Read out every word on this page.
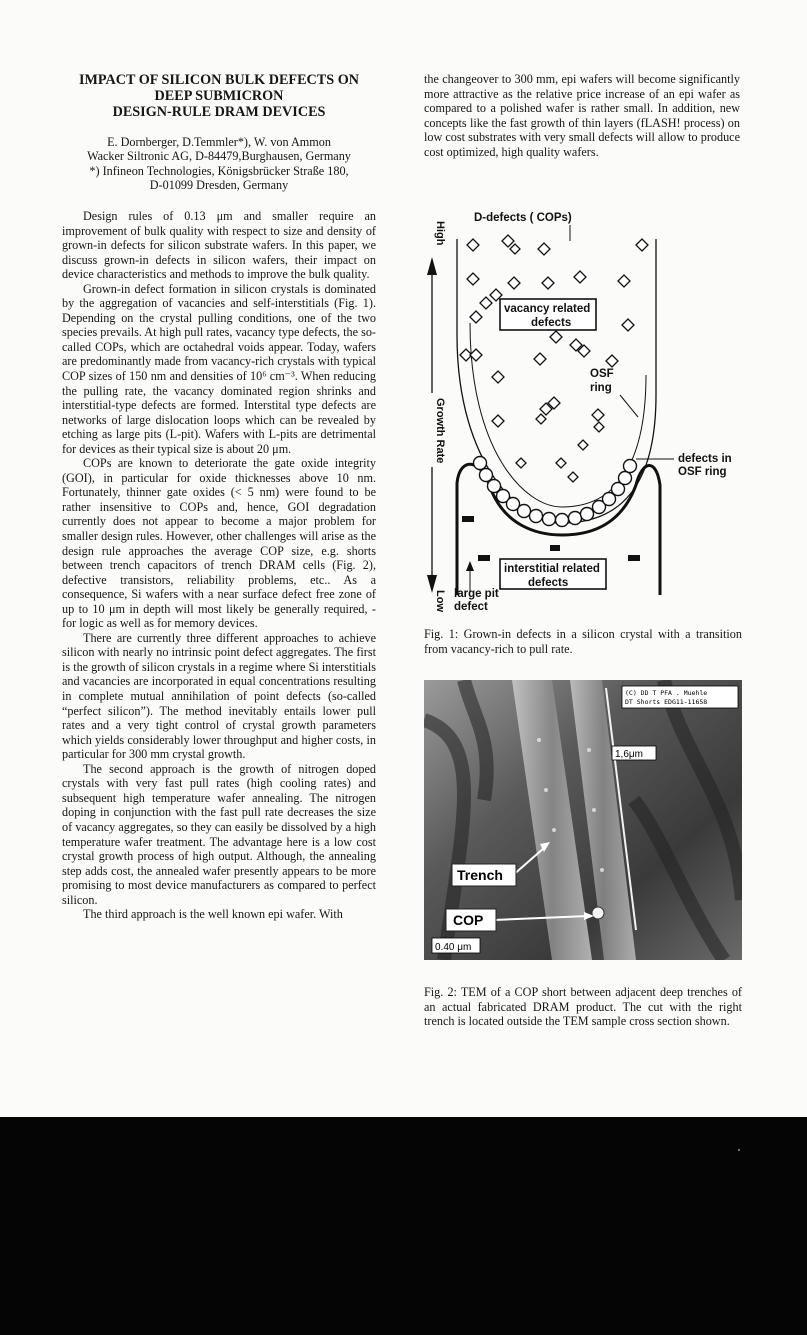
IMPACT OF SILICON BULK DEFECTS ON
DEEP SUBMICRON
DESIGN-RULE DRAM DEVICES
E. Dornberger, D.Temmler*), W. von Ammon
Wacker Siltronic AG, D-84479,Burghausen, Germany
*) Infineon Technologies, Königsbrücker Straße 180,
D-01099 Dresden, Germany

Design rules of 0.13 μm and smaller require an improvement of bulk quality with respect to size and density of grown-in defects for silicon substrate wafers. In this paper, we discuss grown-in defects in silicon wafers, their impact on device characteristics and methods to improve the bulk quality.

Grown-in defect formation in silicon crystals is dominated by the aggregation of vacancies and self-interstitials (Fig. 1). Depending on the crystal pulling conditions, one of the two species prevails. At high pull rates, vacancy type defects, the so-called COPs, which are octahedral voids appear. Today, wafers are predominantly made from vacancy-rich crystals with typical COP sizes of 150 nm and densities of 10⁶ cm⁻³. When reducing the pulling rate, the vacancy dominated region shrinks and interstitial-type defects are formed. Interstital type defects are networks of large dislocation loops which can be revealed by etching as large pits (L-pit). Wafers with L-pits are detrimental for devices as their typical size is about 20 μm.

COPs are known to deteriorate the gate oxide integrity (GOI), in particular for oxide thicknesses above 10 nm. Fortunately, thinner gate oxides (< 5 nm) were found to be rather insensitive to COPs and, hence, GOI degradation currently does not appear to become a major problem for smaller design rules. However, other challenges will arise as the design rule approaches the average COP size, e.g. shorts between trench capacitors of trench DRAM cells (Fig. 2), defective transistors, reliability problems, etc.. As a consequence, Si wafers with a near surface defect free zone of up to 10 μm in depth will most likely be generally required, - for logic as well as for memory devices.

There are currently three different approaches to achieve silicon with nearly no intrinsic point defect aggregates. The first is the growth of silicon crystals in a regime where Si interstitials and vacancies are incorporated in equal concentrations resulting in complete mutual annihilation of point defects (so-called “perfect silicon”). The method inevitably entails lower pull rates and a very tight control of crystal growth parameters which yields considerably lower throughput and higher costs, in particular for 300 mm crystal growth.

The second approach is the growth of nitrogen doped crystals with very fast pull rates (high cooling rates) and subsequent high temperature wafer annealing. The nitrogen doping in conjunction with the fast pull rate decreases the size of vacancy aggregates, so they can easily be dissolved by a high temperature wafer treatment. The advantage here is a low cost crystal growth process of high output. Although, the annealing step adds cost, the annealed wafer presently appears to be more promising to most device manufacturers as compared to perfect silicon.

The third approach is the well known epi wafer. With

the changeover to 300 mm, epi wafers will become significantly more attractive as the relative price increase of an epi wafer as compared to a polished wafer is rather small. In addition, new concepts like the fast growth of thin layers (fLASH! process) on low cost substrates with very small defects will allow to produce cost optimized, high quality wafers.

High
Growth Rate
Low
D-defects ( COPs)
vacancy related
defects
OSF
ring
defects in
OSF ring
interstitial related
defects
large pit
defect
Fig. 1: Grown-in defects in a silicon crystal with a transition from vacancy-rich to pull rate.
(C) DD T PFA . Muehle
DT Shorts EDG11-11658
1,6μm
Trench
COP
0.40 μm
Fig. 2: TEM of a COP short between adjacent deep trenches of an actual fabricated DRAM product. The cut with the right trench is located outside the TEM sample cross section shown.
